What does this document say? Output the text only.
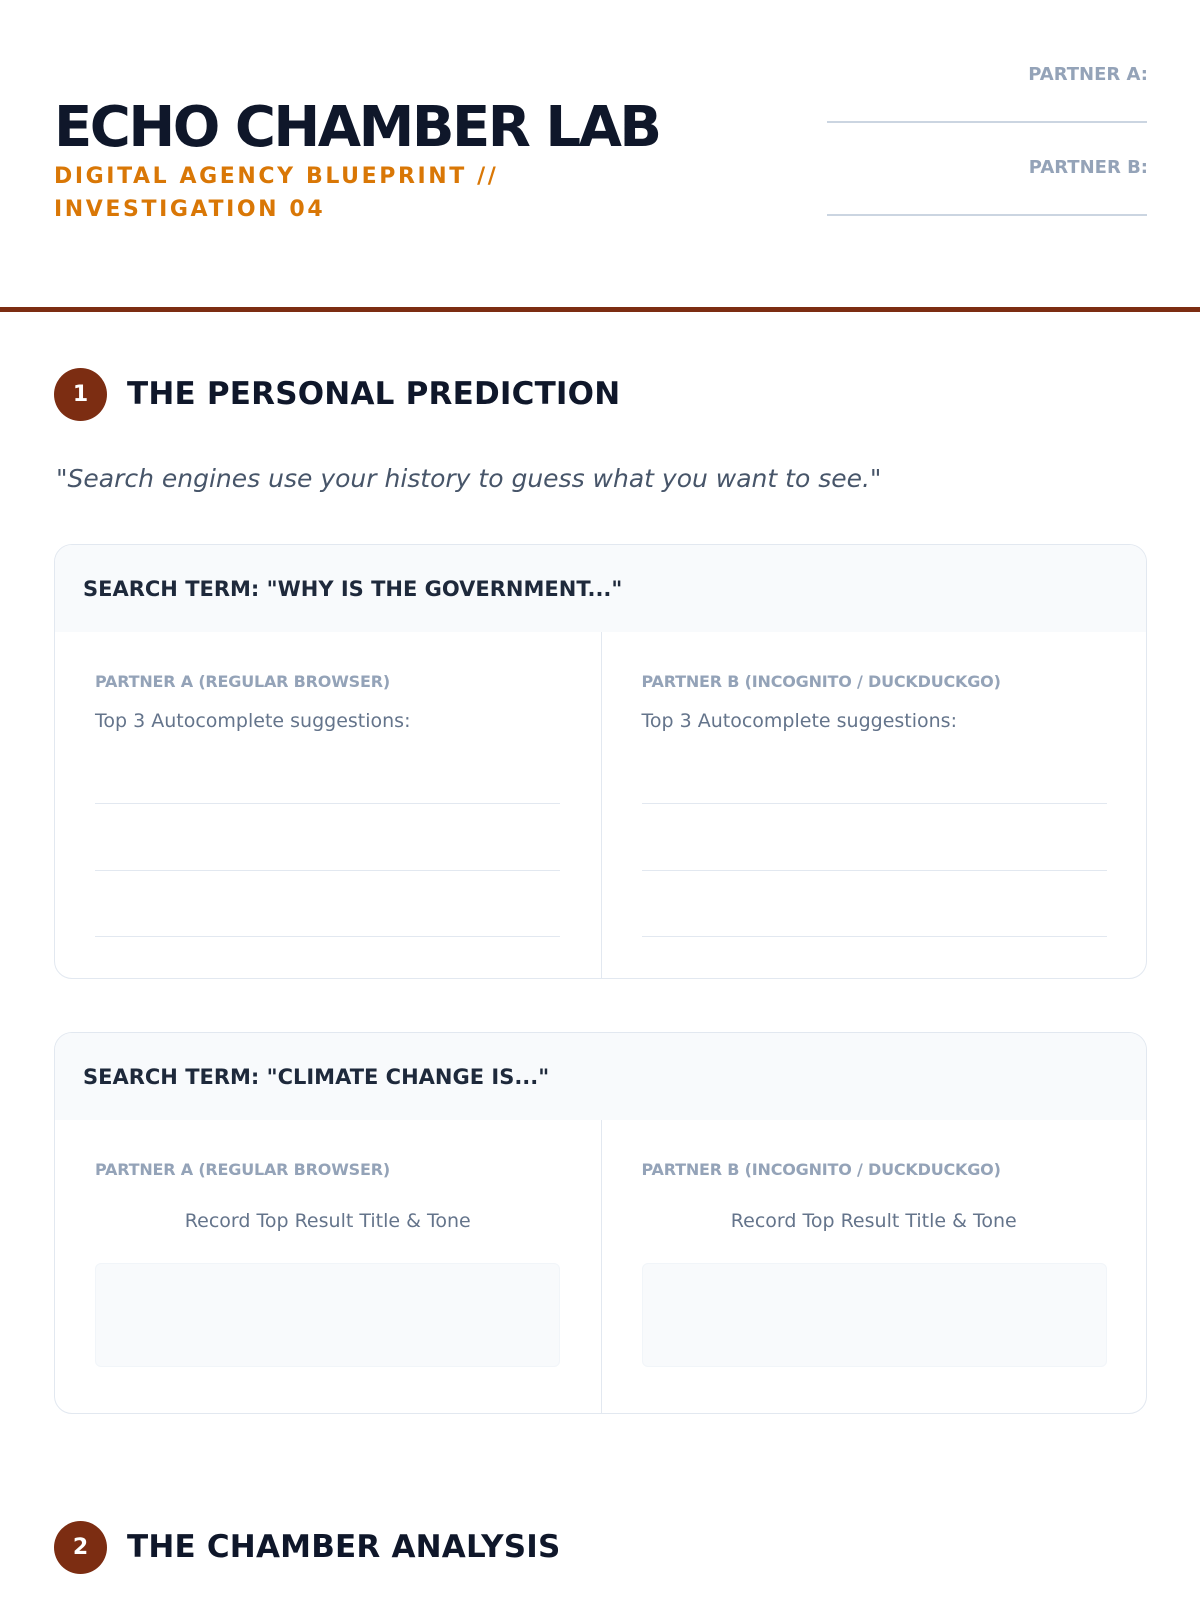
ECHO CHAMBER LAB
DIGITAL AGENCY BLUEPRINT // INVESTIGATION 04
PARTNER A:
PARTNER B:
1	THE PERSONAL PREDICTION
"Search engines use your history to guess what you want to see."
SEARCH TERM: "WHY IS THE GOVERNMENT..."
PARTNER A (REGULAR BROWSER)
Top 3 Autocomplete suggestions:
PARTNER B (INCOGNITO / DUCKDUCKGO)
Top 3 Autocomplete suggestions:
SEARCH TERM: "CLIMATE CHANGE IS..."
PARTNER A (REGULAR BROWSER)
Record Top Result Title & Tone
PARTNER B (INCOGNITO / DUCKDUCKGO)
Record Top Result Title & Tone
2	THE CHAMBER ANALYSIS
